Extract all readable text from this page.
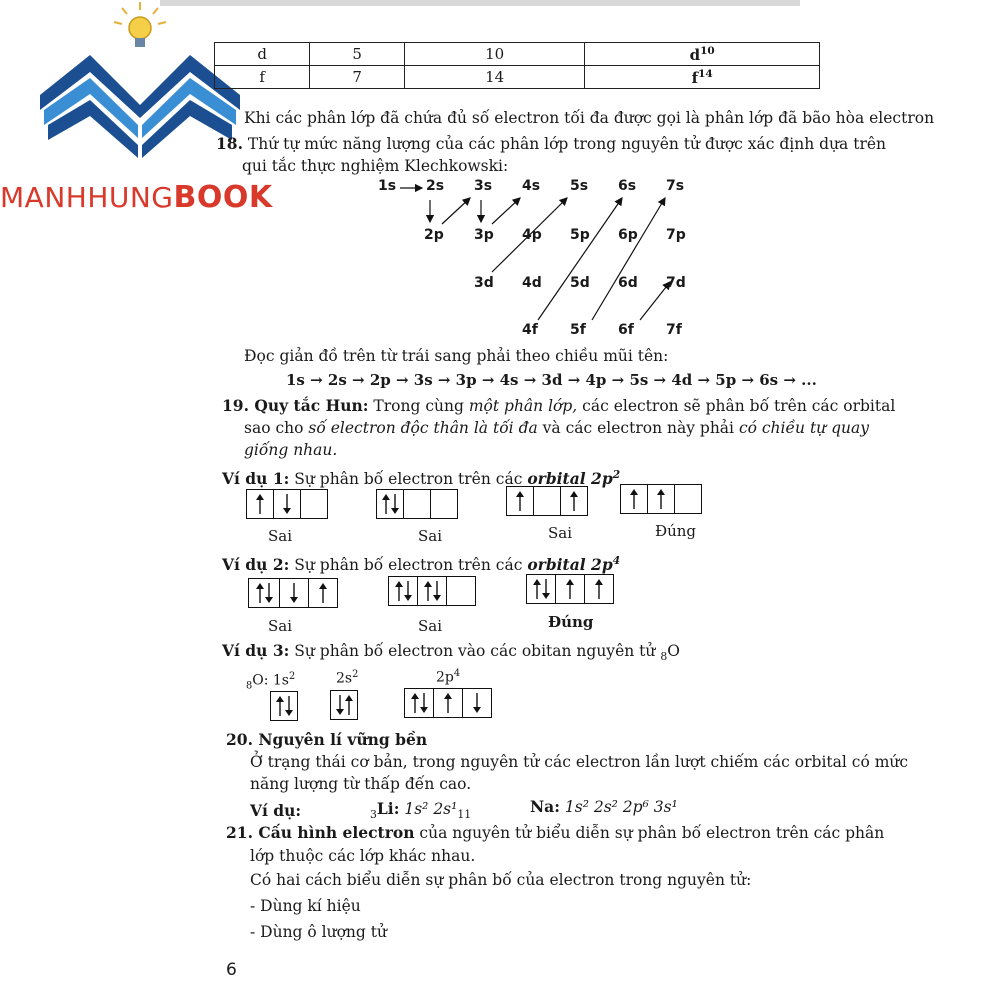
MANHHUNGBOOK
d	5	10	$d^{10}$
f	7	14	$f^{14}$
Khi các phân lớp đã chứa đủ số electron tối đa được gọi là phân lớp đã bão hòa electron
18. Thứ tự mức năng lượng của các phân lớp trong nguyên tử được xác định dựa trên
qui tắc thực nghiệm Klechkowski:
1s 2s 3s 4s 5s 6s 7s
2p 3p 4p 5p 6p 7p
3d 4d 5d 6d 7d
4f 5f 6f 7f
Đọc giản đồ trên từ trái sang phải theo chiều mũi tên:
1s → 2s → 2p → 3s → 3p → 4s → 3d → 4p → 5s → 4d → 5p → 6s → ...
19. Quy tắc Hun: Trong cùng một phân lớp, các electron sẽ phân bố trên các orbital
sao cho số electron độc thân là tối đa và các electron này phải có chiều tự quay
giống nhau.
Ví dụ 1: Sự phân bố electron trên các orbital $2p^2$
Sai	Sai	Sai	Đúng
Ví dụ 2: Sự phân bố electron trên các orbital $2p^4$
Sai	Sai	Đúng
Ví dụ 3: Sự phân bố electron vào các obitan nguyên tử $_8$O
$_8$O: $1s^2$	$2s^2$	$2p^4$
20. Nguyên lí vững bền
Ở trạng thái cơ bản, trong nguyên tử các electron lần lượt chiếm các orbital có mức
năng lượng từ thấp đến cao.
Ví dụ:	$_3$Li: 1s² $2s^1_{11}$	Na: 1s² 2s² 2p⁶ 3s¹
21. Cấu hình electron của nguyên tử biểu diễn sự phân bố electron trên các phân
lớp thuộc các lớp khác nhau.
Có hai cách biểu diễn sự phân bố của electron trong nguyên tử:
- Dùng kí hiệu
- Dùng ô lượng tử
6
